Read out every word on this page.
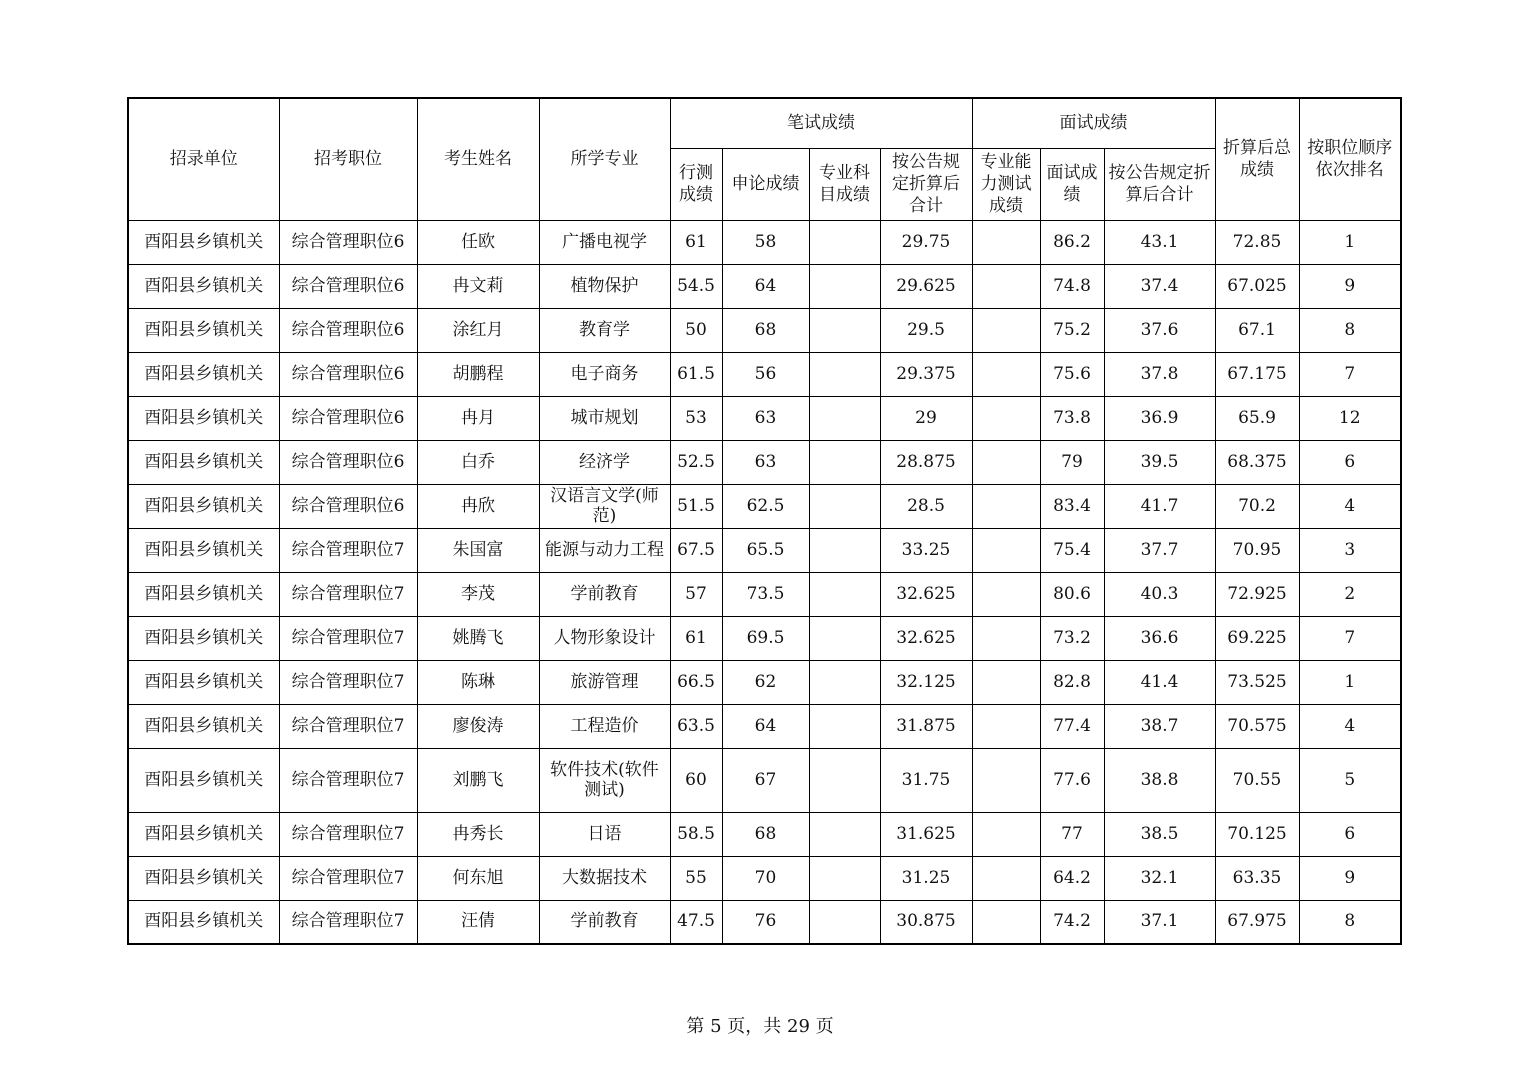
招录单位	招考职位	考生姓名	所学专业	笔试成绩				面试成绩			折算后总成绩	按职位顺序依次排名

				行测成绩	申论成绩	专业科目成绩	按公告规定折算后合计	专业能力测试成绩	面试成绩	按公告规定折算后合计		

酉阳县乡镇机关	综合管理职位6	任欧	广播电视学	61	58		29.75		86.2	43.1	72.85	1

酉阳县乡镇机关	综合管理职位6	冉文莉	植物保护	54.5	64		29.625		74.8	37.4	67.025	9

酉阳县乡镇机关	综合管理职位6	涂红月	教育学	50	68		29.5		75.2	37.6	67.1	8

酉阳县乡镇机关	综合管理职位6	胡鹏程	电子商务	61.5	56		29.375		75.6	37.8	67.175	7

酉阳县乡镇机关	综合管理职位6	冉月	城市规划	53	63		29		73.8	36.9	65.9	12

酉阳县乡镇机关	综合管理职位6	白乔	经济学	52.5	63		28.875		79	39.5	68.375	6

酉阳县乡镇机关	综合管理职位6	冉欣	汉语言文学(师范)	51.5	62.5		28.5		83.4	41.7	70.2	4

酉阳县乡镇机关	综合管理职位7	朱国富	能源与动力工程	67.5	65.5		33.25		75.4	37.7	70.95	3

酉阳县乡镇机关	综合管理职位7	李茂	学前教育	57	73.5		32.625		80.6	40.3	72.925	2

酉阳县乡镇机关	综合管理职位7	姚腾飞	人物形象设计	61	69.5		32.625		73.2	36.6	69.225	7

酉阳县乡镇机关	综合管理职位7	陈琳	旅游管理	66.5	62		32.125		82.8	41.4	73.525	1

酉阳县乡镇机关	综合管理职位7	廖俊涛	工程造价	63.5	64		31.875		77.4	38.7	70.575	4

酉阳县乡镇机关	综合管理职位7	刘鹏飞	软件技术(软件测试)	60	67		31.75		77.6	38.8	70.55	5

酉阳县乡镇机关	综合管理职位7	冉秀长	日语	58.5	68		31.625		77	38.5	70.125	6

酉阳县乡镇机关	综合管理职位7	何东旭	大数据技术	55	70		31.25		64.2	32.1	63.35	9

酉阳县乡镇机关	综合管理职位7	汪倩	学前教育	47.5	76		30.875		74.2	37.1	67.975	8
第 5 页，共 29 页
